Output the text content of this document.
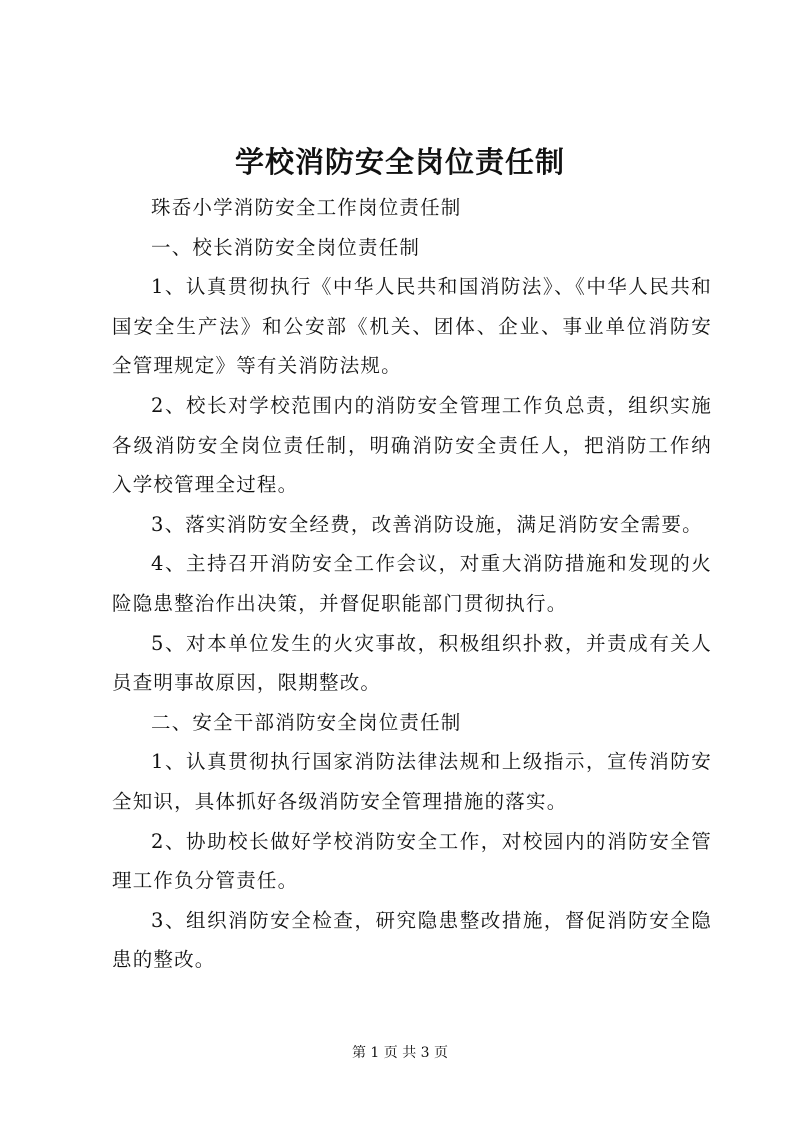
学校消防安全岗位责任制

珠岙小学消防安全工作岗位责任制

一、校长消防安全岗位责任制

1、认真贯彻执行《中华人民共和国消防法》、《中华人民共和国安全生产法》和公安部《机关、团体、企业、事业单位消防安全管理规定》等有关消防法规。

2、校长对学校范围内的消防安全管理工作负总责，组织实施各级消防安全岗位责任制，明确消防安全责任人，把消防工作纳入学校管理全过程。

3、落实消防安全经费，改善消防设施，满足消防安全需要。

4、主持召开消防安全工作会议，对重大消防措施和发现的火险隐患整治作出决策，并督促职能部门贯彻执行。

5、对本单位发生的火灾事故，积极组织扑救，并责成有关人员查明事故原因，限期整改。

二、安全干部消防安全岗位责任制

1、认真贯彻执行国家消防法律法规和上级指示，宣传消防安全知识，具体抓好各级消防安全管理措施的落实。

2、协助校长做好学校消防安全工作，对校园内的消防安全管理工作负分管责任。

3、组织消防安全检查，研究隐患整改措施，督促消防安全隐患的整改。

第 1 页 共 3 页
